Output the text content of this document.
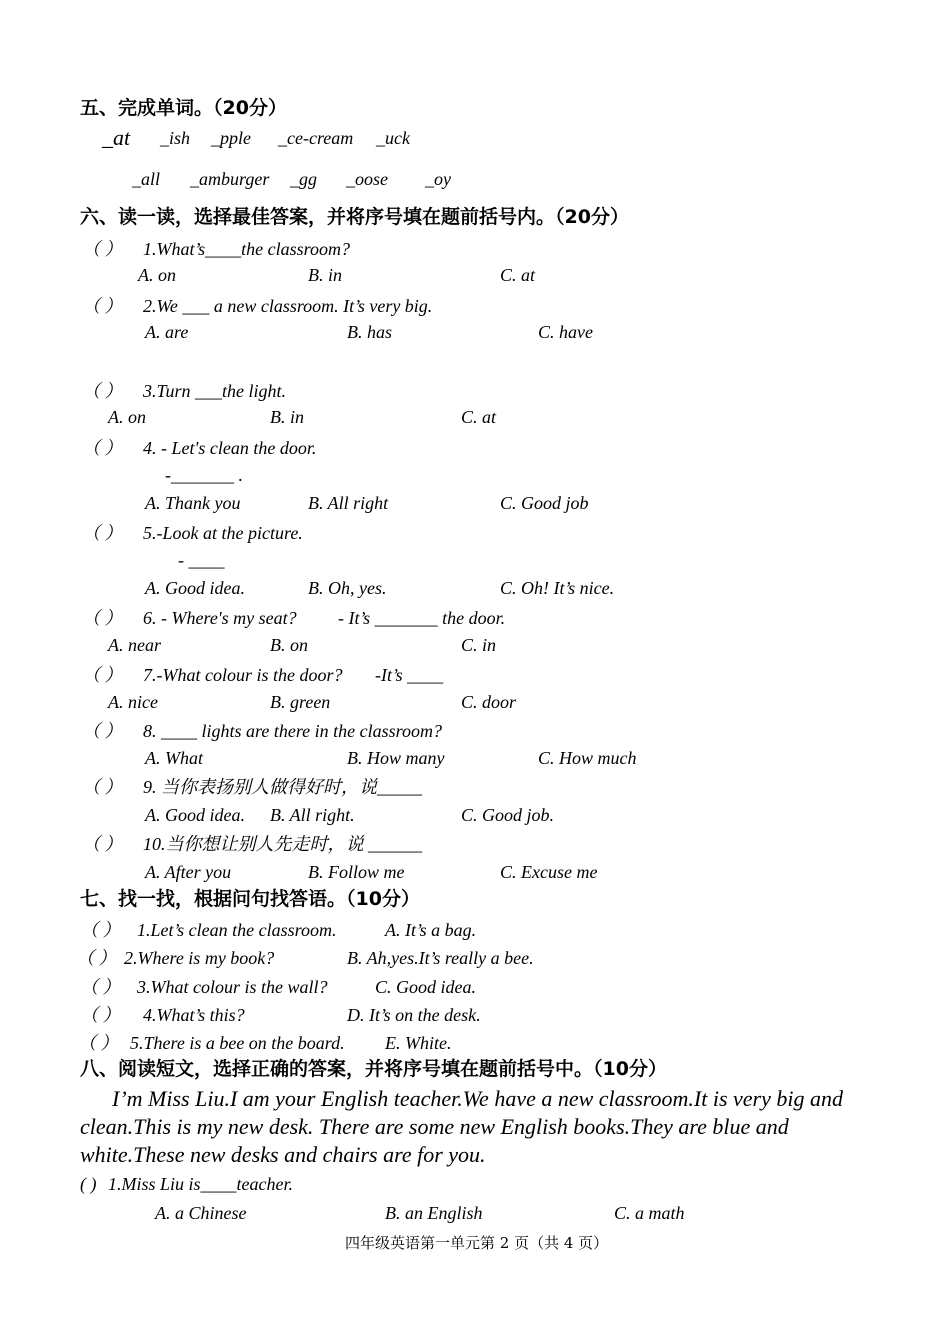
五、完成单词。（20分）
_at _ish _pple _ce-cream _uck
_all _amburger _gg _oose _oy
六、读一读，选择最佳答案，并将序号填在题前括号内。（20分）
（ ） 1.What’s____the classroom?
A. on	B. in	C. at
（ ） 2.We ___ a new classroom. It’s very big.
A. are	B. has	C. have
（ ） 3.Turn ___the light.
A. on	B. in	C. at
（ ） 4. - Let's clean the door.
-_______ .
A. Thank you	B. All right	C. Good job
（ ） 5.-Look at the picture.
- ____
A. Good idea.	B. Oh, yes.	C. Oh! It’s nice.
（ ） 6. - Where's my seat? - It’s _______ the door.
A. near	B. on	C. in
（ ） 7.-What colour is the door? -It’s ____
A. nice	B. green	C. door
（ ） 8. ____ lights are there in the classroom?
A. What	B. How many	C. How much
（ ） 9. 当你表扬别人做得好时，说_____
A. Good idea. B. All right.	C. Good job.
（ ） 10.当你想让别人先走时，说 ______
A. After you	B. Follow me	C. Excuse me
七、找一找，根据问句找答语。（10分）
（ ） 1.Let’s clean the classroom.	A. It’s a bag.
（ ） 2.Where is my book?	B. Ah,yes.It’s really a bee.
（ ） 3.What colour is the wall?	C. Good idea.
（ ） 4.What’s this?	D. It’s on the desk.
（ ） 5.There is a bee on the board. E. White.
八、阅读短文，选择正确的答案，并将序号填在题前括号中。（10分）
I’m Miss Liu.I am your English teacher.We have a new classroom.It is very big and
clean.This is my new desk. There are some new English books.They are blue and
white.These new desks and chairs are for you.
( ) 1.Miss Liu is____teacher.
A. a Chinese	B. an English	C. a math
四年级英语第一单元第 2 页（共 4 页）
